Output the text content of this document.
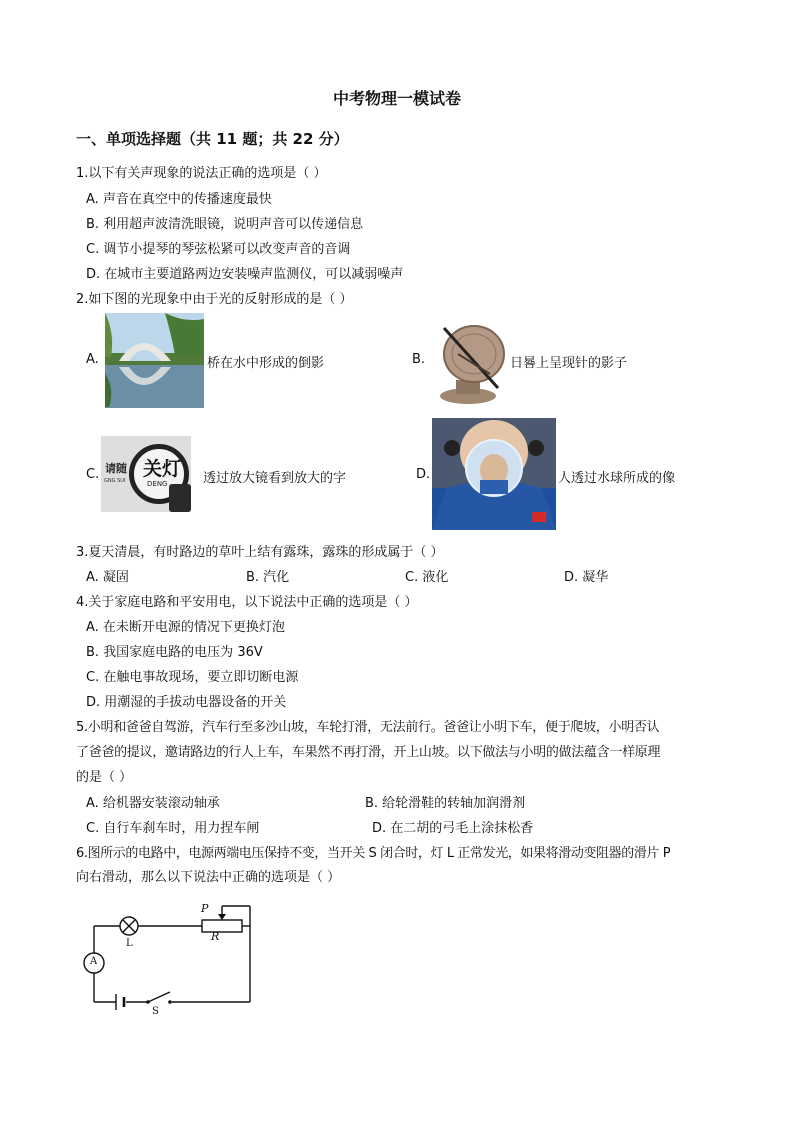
中考物理一模试卷
一、单项选择题（共 11 题；共 22 分）
1.以下有关声现象的说法正确的选项是（ ）
A. 声音在真空中的传播速度最快
B. 利用超声波清洗眼镜，说明声音可以传递信息
C. 调节小提琴的琴弦松紧可以改变声音的音调
D. 在城市主要道路两边安装噪声监测仪，可以减弱噪声
2.如下图的光现象中由于光的反射形成的是（ ）
A.	桥在水中形成的倒影	B.	日晷上呈现针的影子
C. 请随
GNG SUI
关灯
DENG	透过放大镜看到放大的字	D.	人透过水球所成的像
3.夏天清晨，有时路边的草叶上结有露珠，露珠的形成属于（ ）
A. 凝固	B. 汽化	C. 液化	D. 凝华
4.关于家庭电路和平安用电，以下说法中正确的选项是（ ）
A. 在未断开电源的情况下更换灯泡
B. 我国家庭电路的电压为 36V
C. 在触电事故现场，要立即切断电源
D. 用潮湿的手拔动电器设备的开关
5.小明和爸爸自驾游，汽车行至多沙山坡，车轮打滑，无法前行。爸爸让小明下车，便于爬坡，小明否认
了爸爸的提议，邀请路边的行人上车，车果然不再打滑，开上山坡。以下做法与小明的做法蕴含一样原理
的是（ ）
A. 给机器安装滚动轴承	B. 给轮滑鞋的转轴加润滑剂
C. 自行车刹车时，用力捏车闸	D. 在二胡的弓毛上涂抹松香
6.图所示的电路中，电源两端电压保持不变，当开关 S 闭合时，灯 L 正常发光，如果将滑动变阻器的滑片 P
向右滑动，那么以下说法中正确的选项是（ ）
P
R
L
A
S
